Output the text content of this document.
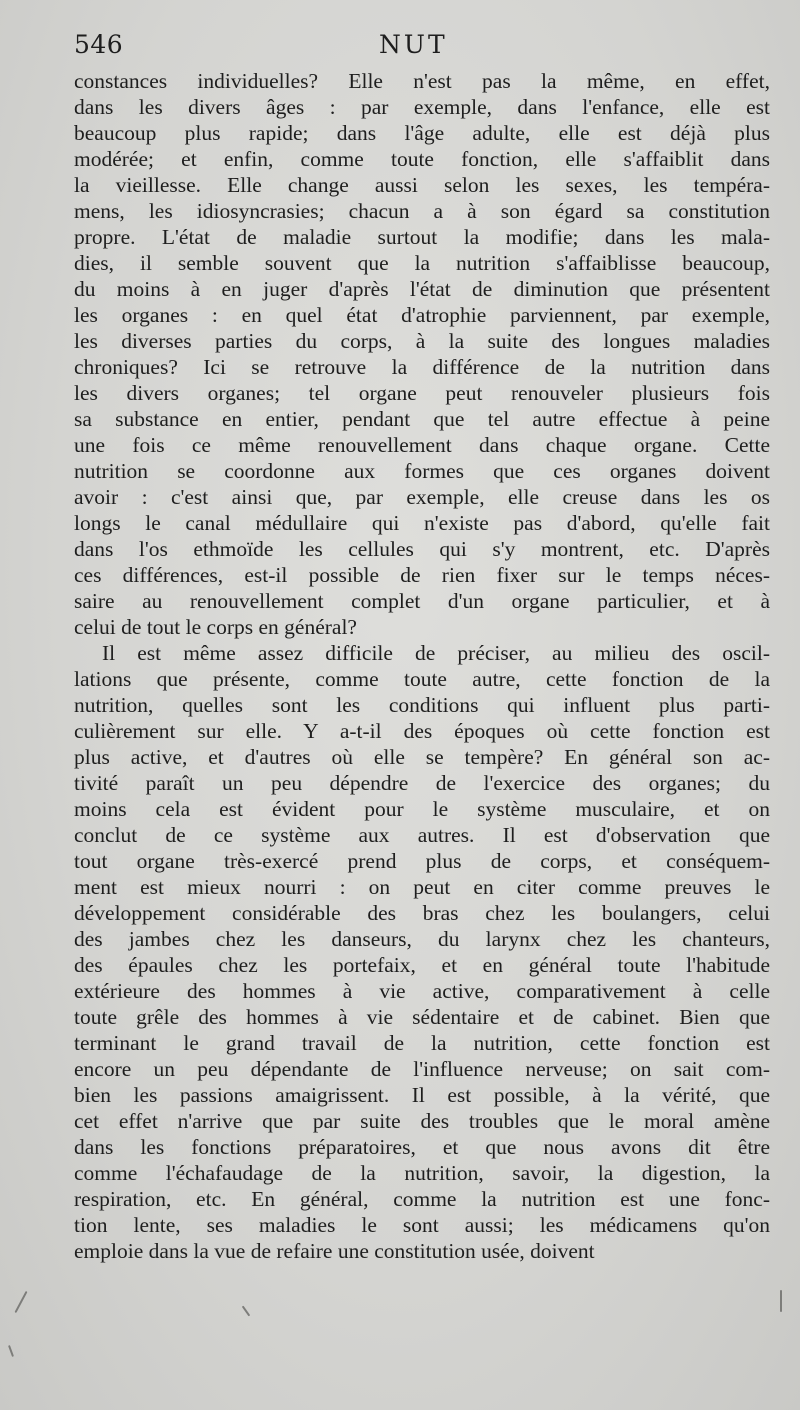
546	NUT
constances individuelles? Elle n'est pas la même, en effet,
dans les divers âges : par exemple, dans l'enfance, elle est
beaucoup plus rapide; dans l'âge adulte, elle est déjà plus
modérée; et enfin, comme toute fonction, elle s'affaiblit dans
la vieillesse. Elle change aussi selon les sexes, les tempéra-
mens, les idiosyncrasies; chacun a à son égard sa constitution
propre. L'état de maladie surtout la modifie; dans les mala-
dies, il semble souvent que la nutrition s'affaiblisse beaucoup,
du moins à en juger d'après l'état de diminution que présentent
les organes : en quel état d'atrophie parviennent, par exemple,
les diverses parties du corps, à la suite des longues maladies
chroniques? Ici se retrouve la différence de la nutrition dans
les divers organes; tel organe peut renouveler plusieurs fois
sa substance en entier, pendant que tel autre effectue à peine
une fois ce même renouvellement dans chaque organe. Cette
nutrition se coordonne aux formes que ces organes doivent
avoir : c'est ainsi que, par exemple, elle creuse dans les os
longs le canal médullaire qui n'existe pas d'abord, qu'elle fait
dans l'os ethmoïde les cellules qui s'y montrent, etc. D'après
ces différences, est-il possible de rien fixer sur le temps néces-
saire au renouvellement complet d'un organe particulier, et à
celui de tout le corps en général?
Il est même assez difficile de préciser, au milieu des oscil-
lations que présente, comme toute autre, cette fonction de la
nutrition, quelles sont les conditions qui influent plus parti-
culièrement sur elle. Y a-t-il des époques où cette fonction est
plus active, et d'autres où elle se tempère? En général son ac-
tivité paraît un peu dépendre de l'exercice des organes; du
moins cela est évident pour le système musculaire, et on
conclut de ce système aux autres. Il est d'observation que
tout organe très-exercé prend plus de corps, et conséquem-
ment est mieux nourri : on peut en citer comme preuves le
développement considérable des bras chez les boulangers, celui
des jambes chez les danseurs, du larynx chez les chanteurs,
des épaules chez les portefaix, et en général toute l'habitude
extérieure des hommes à vie active, comparativement à celle
toute grêle des hommes à vie sédentaire et de cabinet. Bien que
terminant le grand travail de la nutrition, cette fonction est
encore un peu dépendante de l'influence nerveuse; on sait com-
bien les passions amaigrissent. Il est possible, à la vérité, que
cet effet n'arrive que par suite des troubles que le moral amène
dans les fonctions préparatoires, et que nous avons dit être
comme l'échafaudage de la nutrition, savoir, la digestion, la
respiration, etc. En général, comme la nutrition est une fonc-
tion lente, ses maladies le sont aussi; les médicamens qu'on
emploie dans la vue de refaire une constitution usée, doivent
